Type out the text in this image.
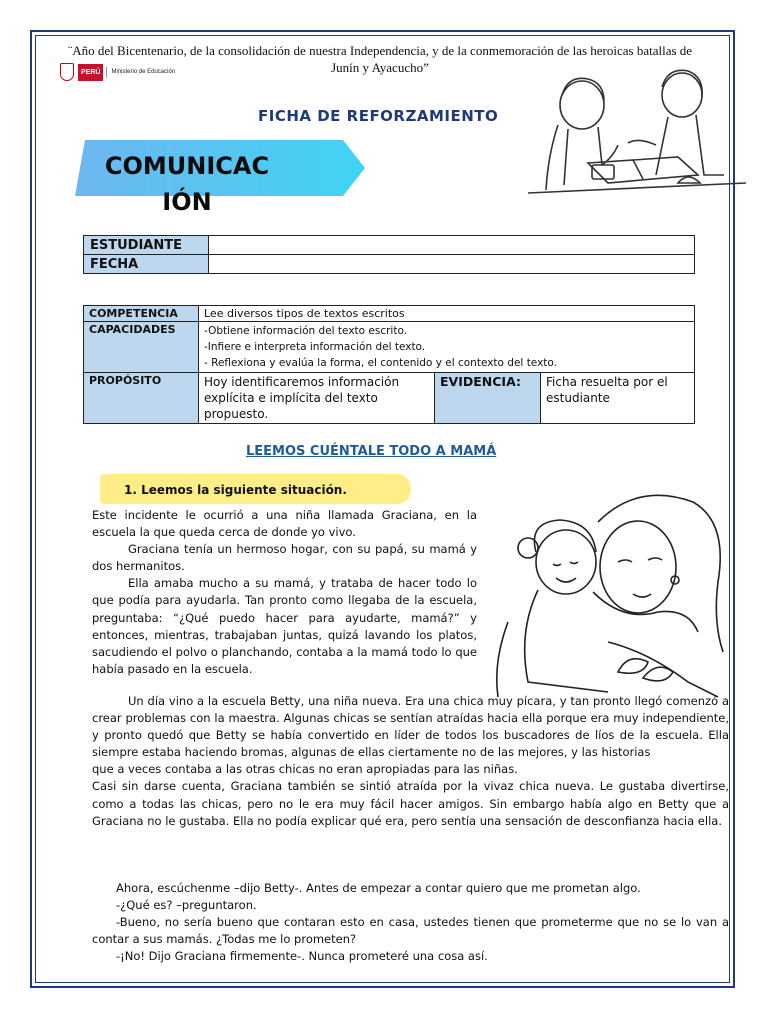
¨Año del Bicentenario, de la consolidación de nuestra Independencia, y de la conmemoración de las heroicas batallas de Junín y Ayacucho”
PERÚ	Ministerio de Educación
FICHA DE REFORZAMIENTO
COMUNICAC
IÓN
ESTUDIANTE	
FECHA	
COMPETENCIA	Lee diversos tipos de textos escritos		
CAPACIDADES	-Obtiene información del texto escrito.
-Infiere e interpreta información del texto.
- Reflexiona y evalúa la forma, el contenido y el contexto del texto.		

PROPÓSITO	Hoy identificaremos información explícita e implícita del texto propuesto.	EVIDENCIA:	Ficha resuelta por el estudiante
LEEMOS CUÉNTALE TODO A MAMÁ
1. Leemos la siguiente situación.

Este incidente le ocurrió a una niña llamada Graciana, en la escuela la que queda cerca de donde yo vivo.

Graciana tenía un hermoso hogar, con su papá, su mamá y dos hermanitos.

Ella amaba mucho a su mamá, y trataba de hacer todo lo que podía para ayudarla. Tan pronto como llegaba de la escuela, preguntaba: “¿Qué puedo hacer para ayudarte, mamá?” y entonces, mientras, trabajaban juntas, quizá lavando los platos, sacudiendo el polvo o planchando, contaba a la mamá todo lo que había pasado en la escuela.

Un día vino a la escuela Betty, una niña nueva. Era una chica muy pícara, y tan pronto llegó comenzó a crear problemas con la maestra. Algunas chicas se sentían atraídas hacia ella porque era muy independiente, y pronto quedó que Betty se había convertido en líder de todos los buscadores de líos de la escuela. Ella siempre estaba haciendo bromas, algunas de ellas ciertamente no de las mejores, y las historias

que a veces contaba a las otras chicas no eran apropiadas para las niñas.

Casi sin darse cuenta, Graciana también se sintió atraída por la vivaz chica nueva. Le gustaba divertirse, como a todas las chicas, pero no le era muy fácil hacer amigos. Sin embargo había algo en Betty que a Graciana no le gustaba. Ella no podía explicar qué era, pero sentía una sensación de desconfianza hacia ella.

Ahora, escúchenme –dijo Betty-. Antes de empezar a contar quiero que me prometan algo.

-¿Qué es? –preguntaron.

-Bueno, no sería bueno que contaran esto en casa, ustedes tienen que prometerme que no se lo van a contar a sus mamás. ¿Todas me lo prometen?

-¡No! Dijo Graciana firmemente-. Nunca prometeré una cosa así.
